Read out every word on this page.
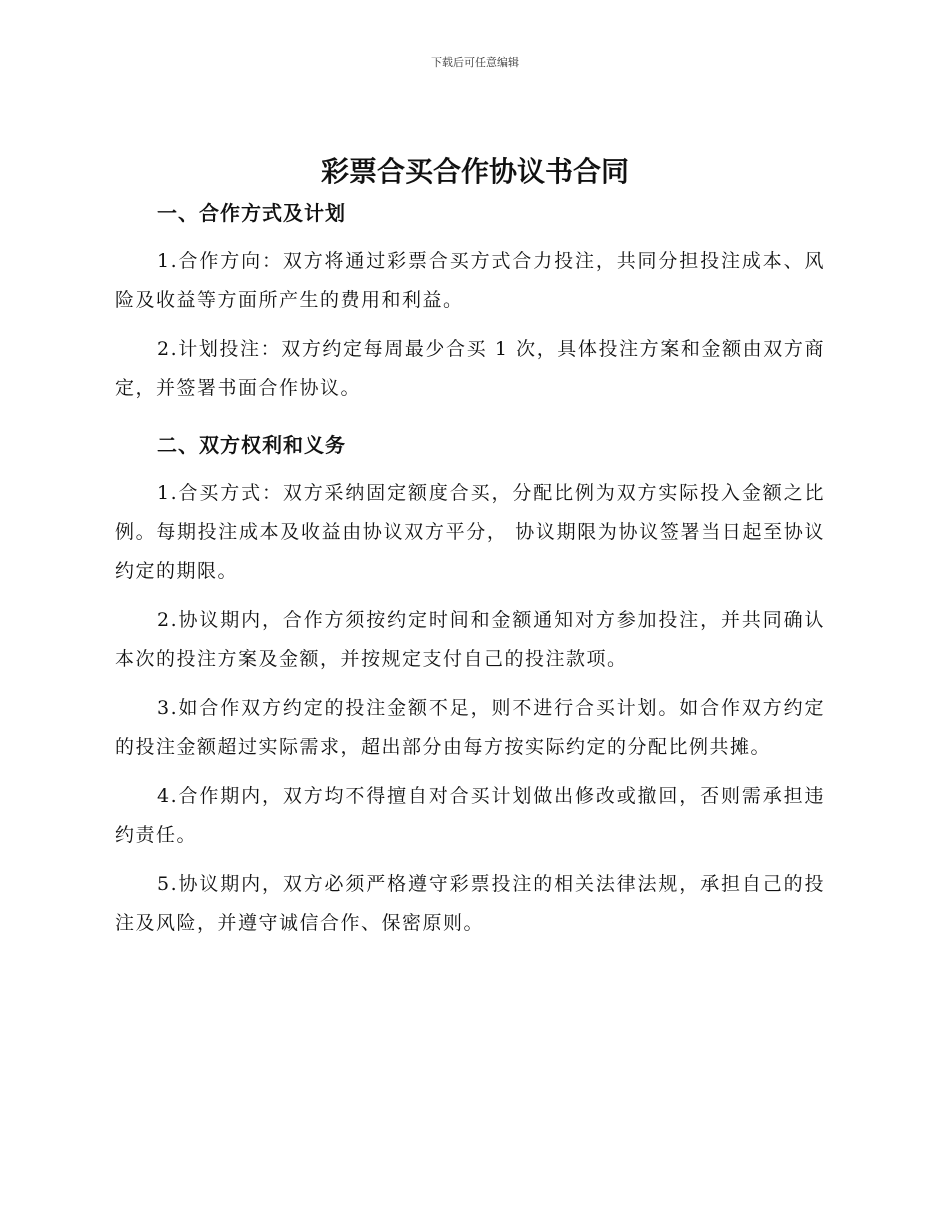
下载后可任意编辑
彩票合买合作协议书合同
一、合作方式及计划

1.合作方向：双方将通过彩票合买方式合力投注，共同分担投注成本、风险及收益等方面所产生的费用和利益。

2.计划投注：双方约定每周最少合买 1 次，具体投注方案和金额由双方商定，并签署书面合作协议。

二、双方权利和义务

1.合买方式：双方采纳固定额度合买，分配比例为双方实际投入金额之比例。每期投注成本及收益由协议双方平分， 协议期限为协议签署当日起至协议约定的期限。

2.协议期内，合作方须按约定时间和金额通知对方参加投注，并共同确认本次的投注方案及金额，并按规定支付自己的投注款项。

3.如合作双方约定的投注金额不足，则不进行合买计划。如合作双方约定的投注金额超过实际需求，超出部分由每方按实际约定的分配比例共摊。

4.合作期内，双方均不得擅自对合买计划做出修改或撤回，否则需承担违约责任。

5.协议期内，双方必须严格遵守彩票投注的相关法律法规，承担自己的投注及风险，并遵守诚信合作、保密原则。
